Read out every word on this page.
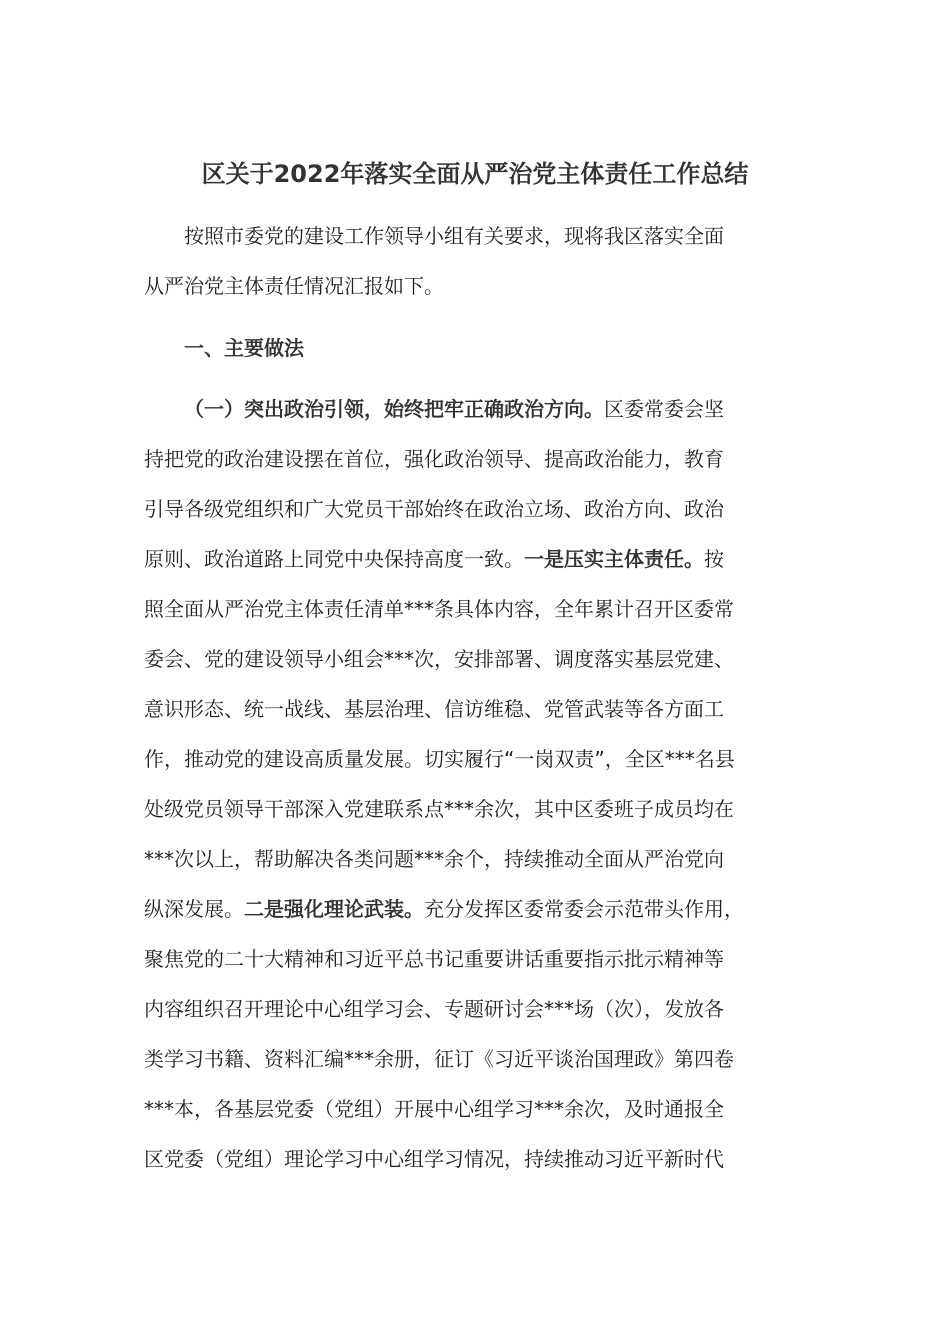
区关于2022年落实全面从严治党主体责任工作总结
按照市委党的建设工作领导小组有关要求，现将我区落实全面
从严治党主体责任情况汇报如下。
一、主要做法
（一）突出政治引领，始终把牢正确政治方向。区委常委会坚
持把党的政治建设摆在首位，强化政治领导、提高政治能力，教育
引导各级党组织和广大党员干部始终在政治立场、政治方向、政治
原则、政治道路上同党中央保持高度一致。一是压实主体责任。按
照全面从严治党主体责任清单***条具体内容，全年累计召开区委常
委会、党的建设领导小组会***次，安排部署、调度落实基层党建、
意识形态、统一战线、基层治理、信访维稳、党管武装等各方面工
作，推动党的建设高质量发展。切实履行“一岗双责”，全区***名县
处级党员领导干部深入党建联系点***余次，其中区委班子成员均在
***次以上，帮助解决各类问题***余个，持续推动全面从严治党向
纵深发展。二是强化理论武装。充分发挥区委常委会示范带头作用，
聚焦党的二十大精神和习近平总书记重要讲话重要指示批示精神等
内容组织召开理论中心组学习会、专题研讨会***场（次），发放各
类学习书籍、资料汇编***余册，征订《习近平谈治国理政》第四卷
***本，各基层党委（党组）开展中心组学习***余次，及时通报全
区党委（党组）理论学习中心组学习情况，持续推动习近平新时代
